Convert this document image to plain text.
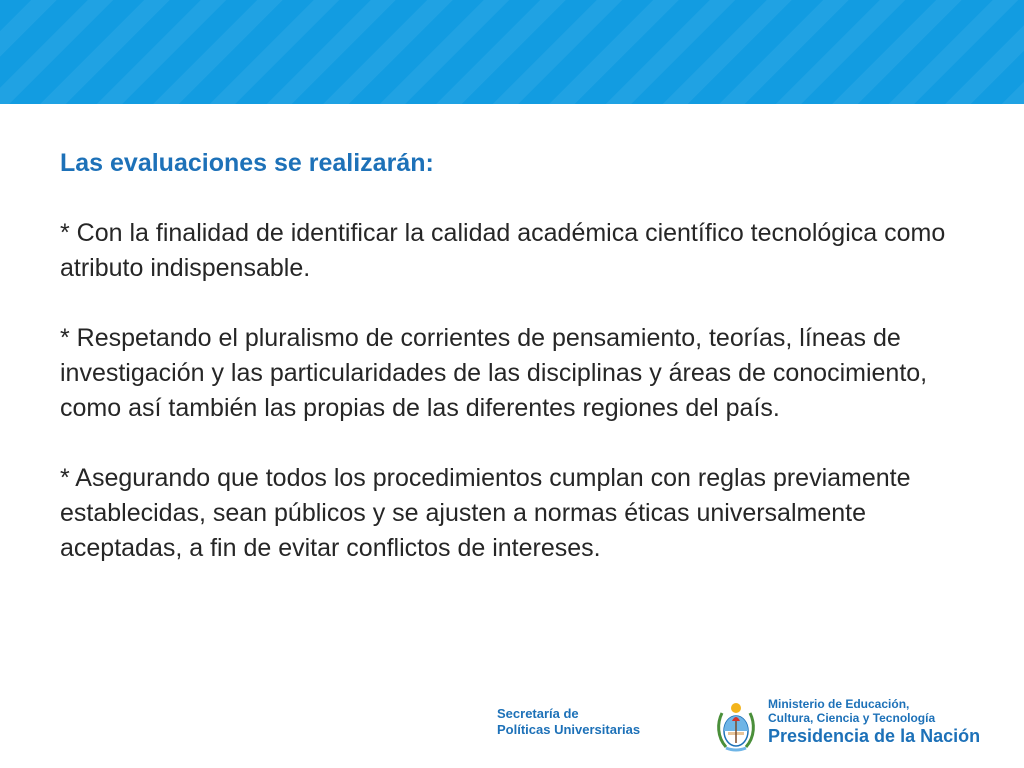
Las evaluaciones se realizarán:
* Con la finalidad de identificar la calidad académica científico tecnológica como atributo indispensable.
* Respetando el pluralismo de corrientes de pensamiento, teorías, líneas de investigación y las particularidades de las disciplinas y áreas de conocimiento, como así también las propias de las diferentes regiones del país.
* Asegurando que todos los procedimientos cumplan con reglas previamente establecidas, sean públicos y se ajusten a normas éticas universalmente aceptadas, a fin de evitar conflictos de intereses.
Secretaría de
Políticas Universitarias
Ministerio de Educación,
Cultura, Ciencia y Tecnología
Presidencia de la Nación
